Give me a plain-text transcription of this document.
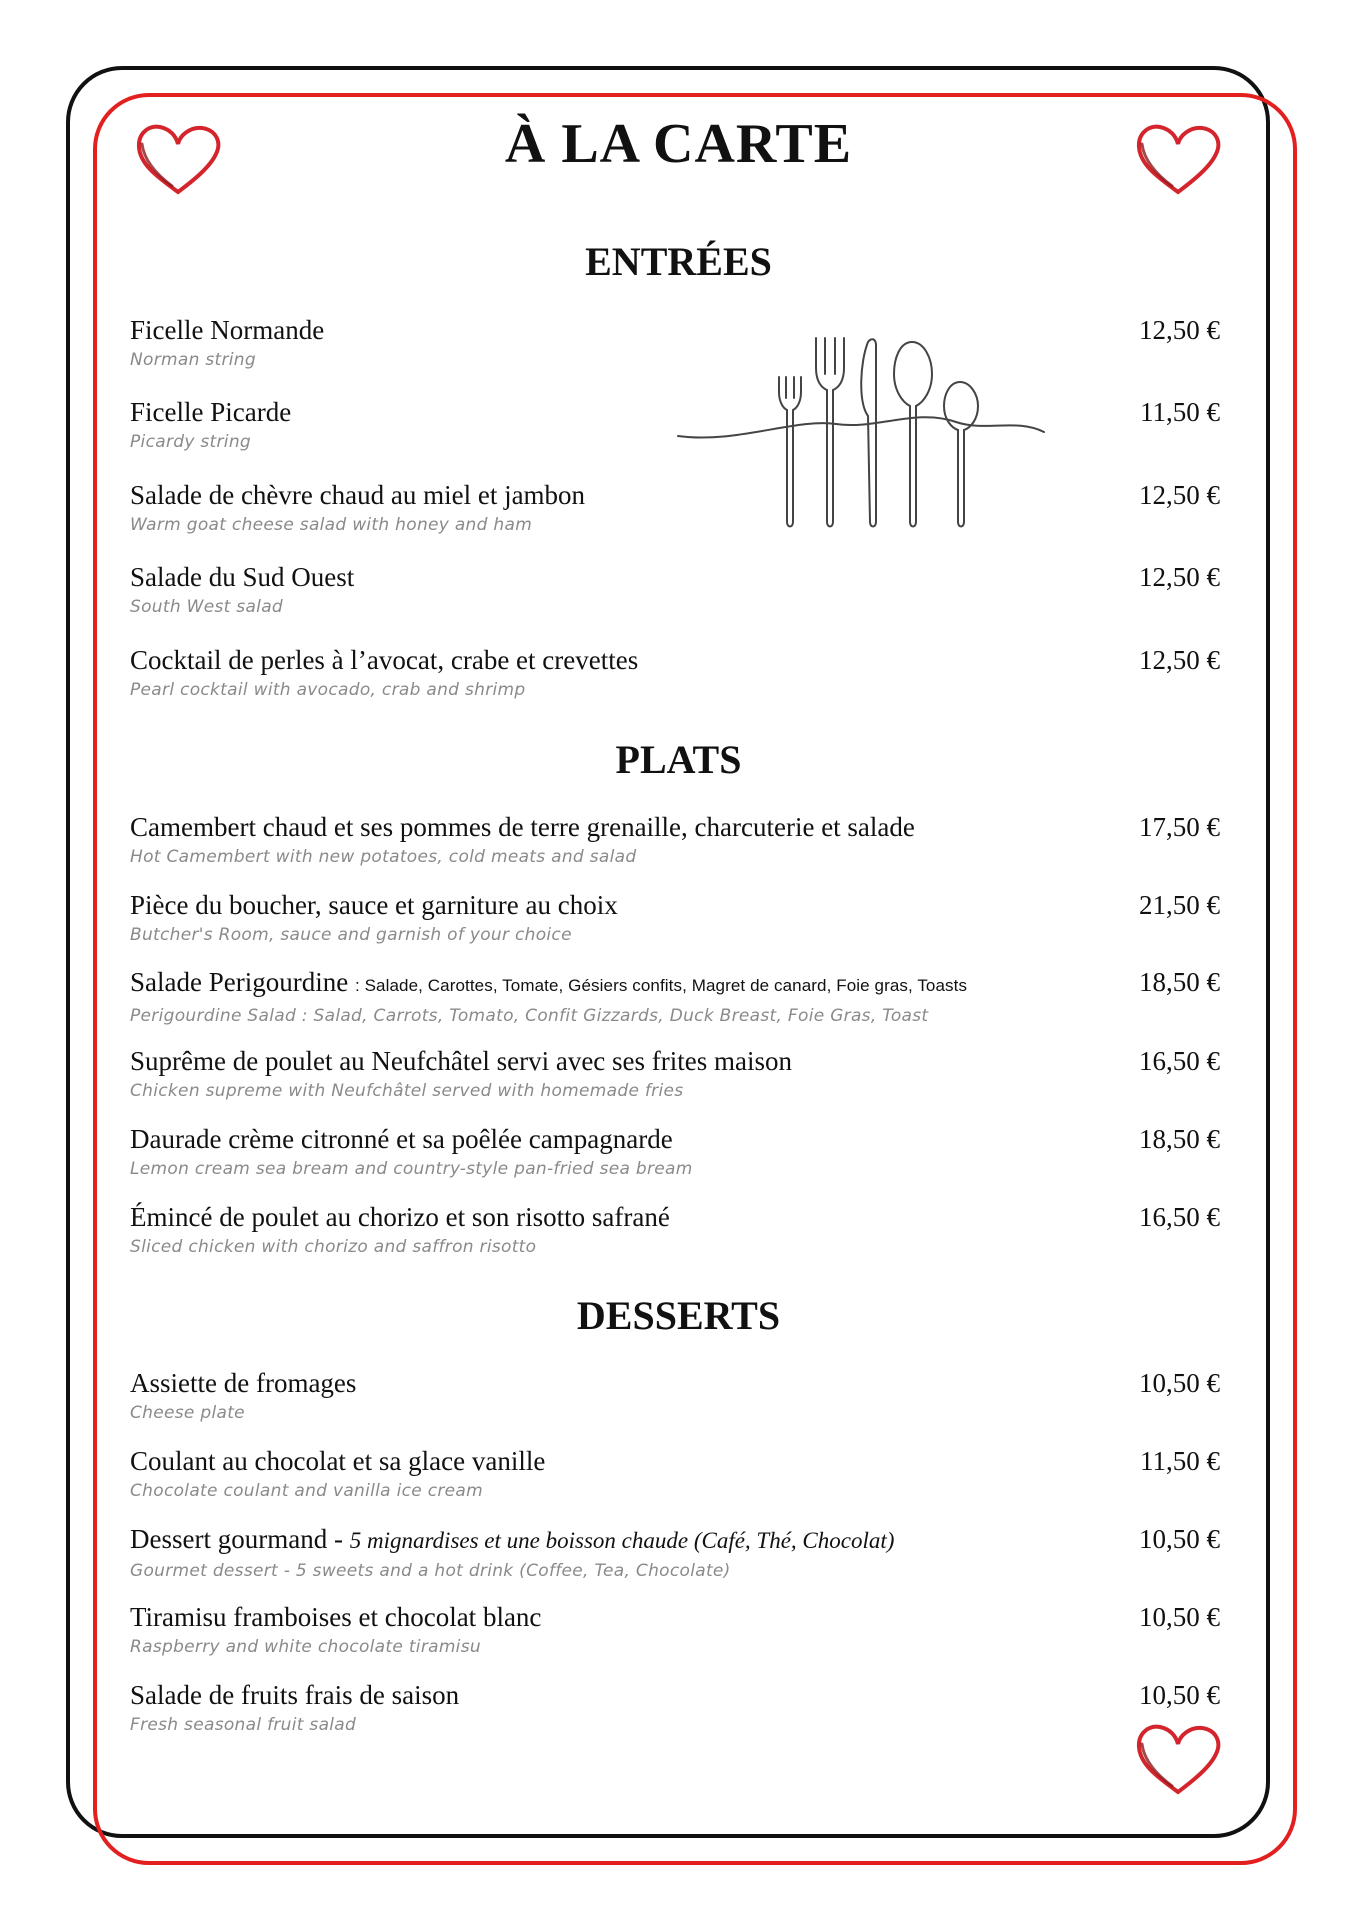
À LA CARTE
ENTRÉES
Ficelle Normande
Norman string
12,50 €
Ficelle Picarde
Picardy string
11,50 €
Salade de chèvre chaud au miel et jambon
Warm goat cheese salad with honey and ham
12,50 €
Salade du Sud Ouest
South West salad
12,50 €
Cocktail de perles à l’avocat, crabe et crevettes
Pearl cocktail with avocado, crab and shrimp
12,50 €
PLATS
Camembert chaud et ses pommes de terre grenaille, charcuterie et salade
Hot Camembert with new potatoes, cold meats and salad
17,50 €
Pièce du boucher, sauce et garniture au choix
Butcher's Room, sauce and garnish of your choice
21,50 €
Salade Perigourdine : Salade, Carottes, Tomate, Gésiers confits, Magret de canard, Foie gras, Toasts
Perigourdine Salad : Salad, Carrots, Tomato, Confit Gizzards, Duck Breast, Foie Gras, Toast
18,50 €
Suprême de poulet au Neufchâtel servi avec ses frites maison
Chicken supreme with Neufchâtel served with homemade fries
16,50 €
Daurade crème citronné et sa poêlée campagnarde
Lemon cream sea bream and country-style pan-fried sea bream
18,50 €
Émincé de poulet au chorizo et son risotto safrané
Sliced chicken with chorizo and saffron risotto
16,50 €
DESSERTS
Assiette de fromages
Cheese plate
10,50 €
Coulant au chocolat et sa glace vanille
Chocolate coulant and vanilla ice cream
11,50 €
Dessert gourmand - 5 mignardises et une boisson chaude (Café, Thé, Chocolat)
Gourmet dessert - 5 sweets and a hot drink (Coffee, Tea, Chocolate)
10,50 €
Tiramisu framboises et chocolat blanc
Raspberry and white chocolate tiramisu
10,50 €
Salade de fruits frais de saison
Fresh seasonal fruit salad
10,50 €
